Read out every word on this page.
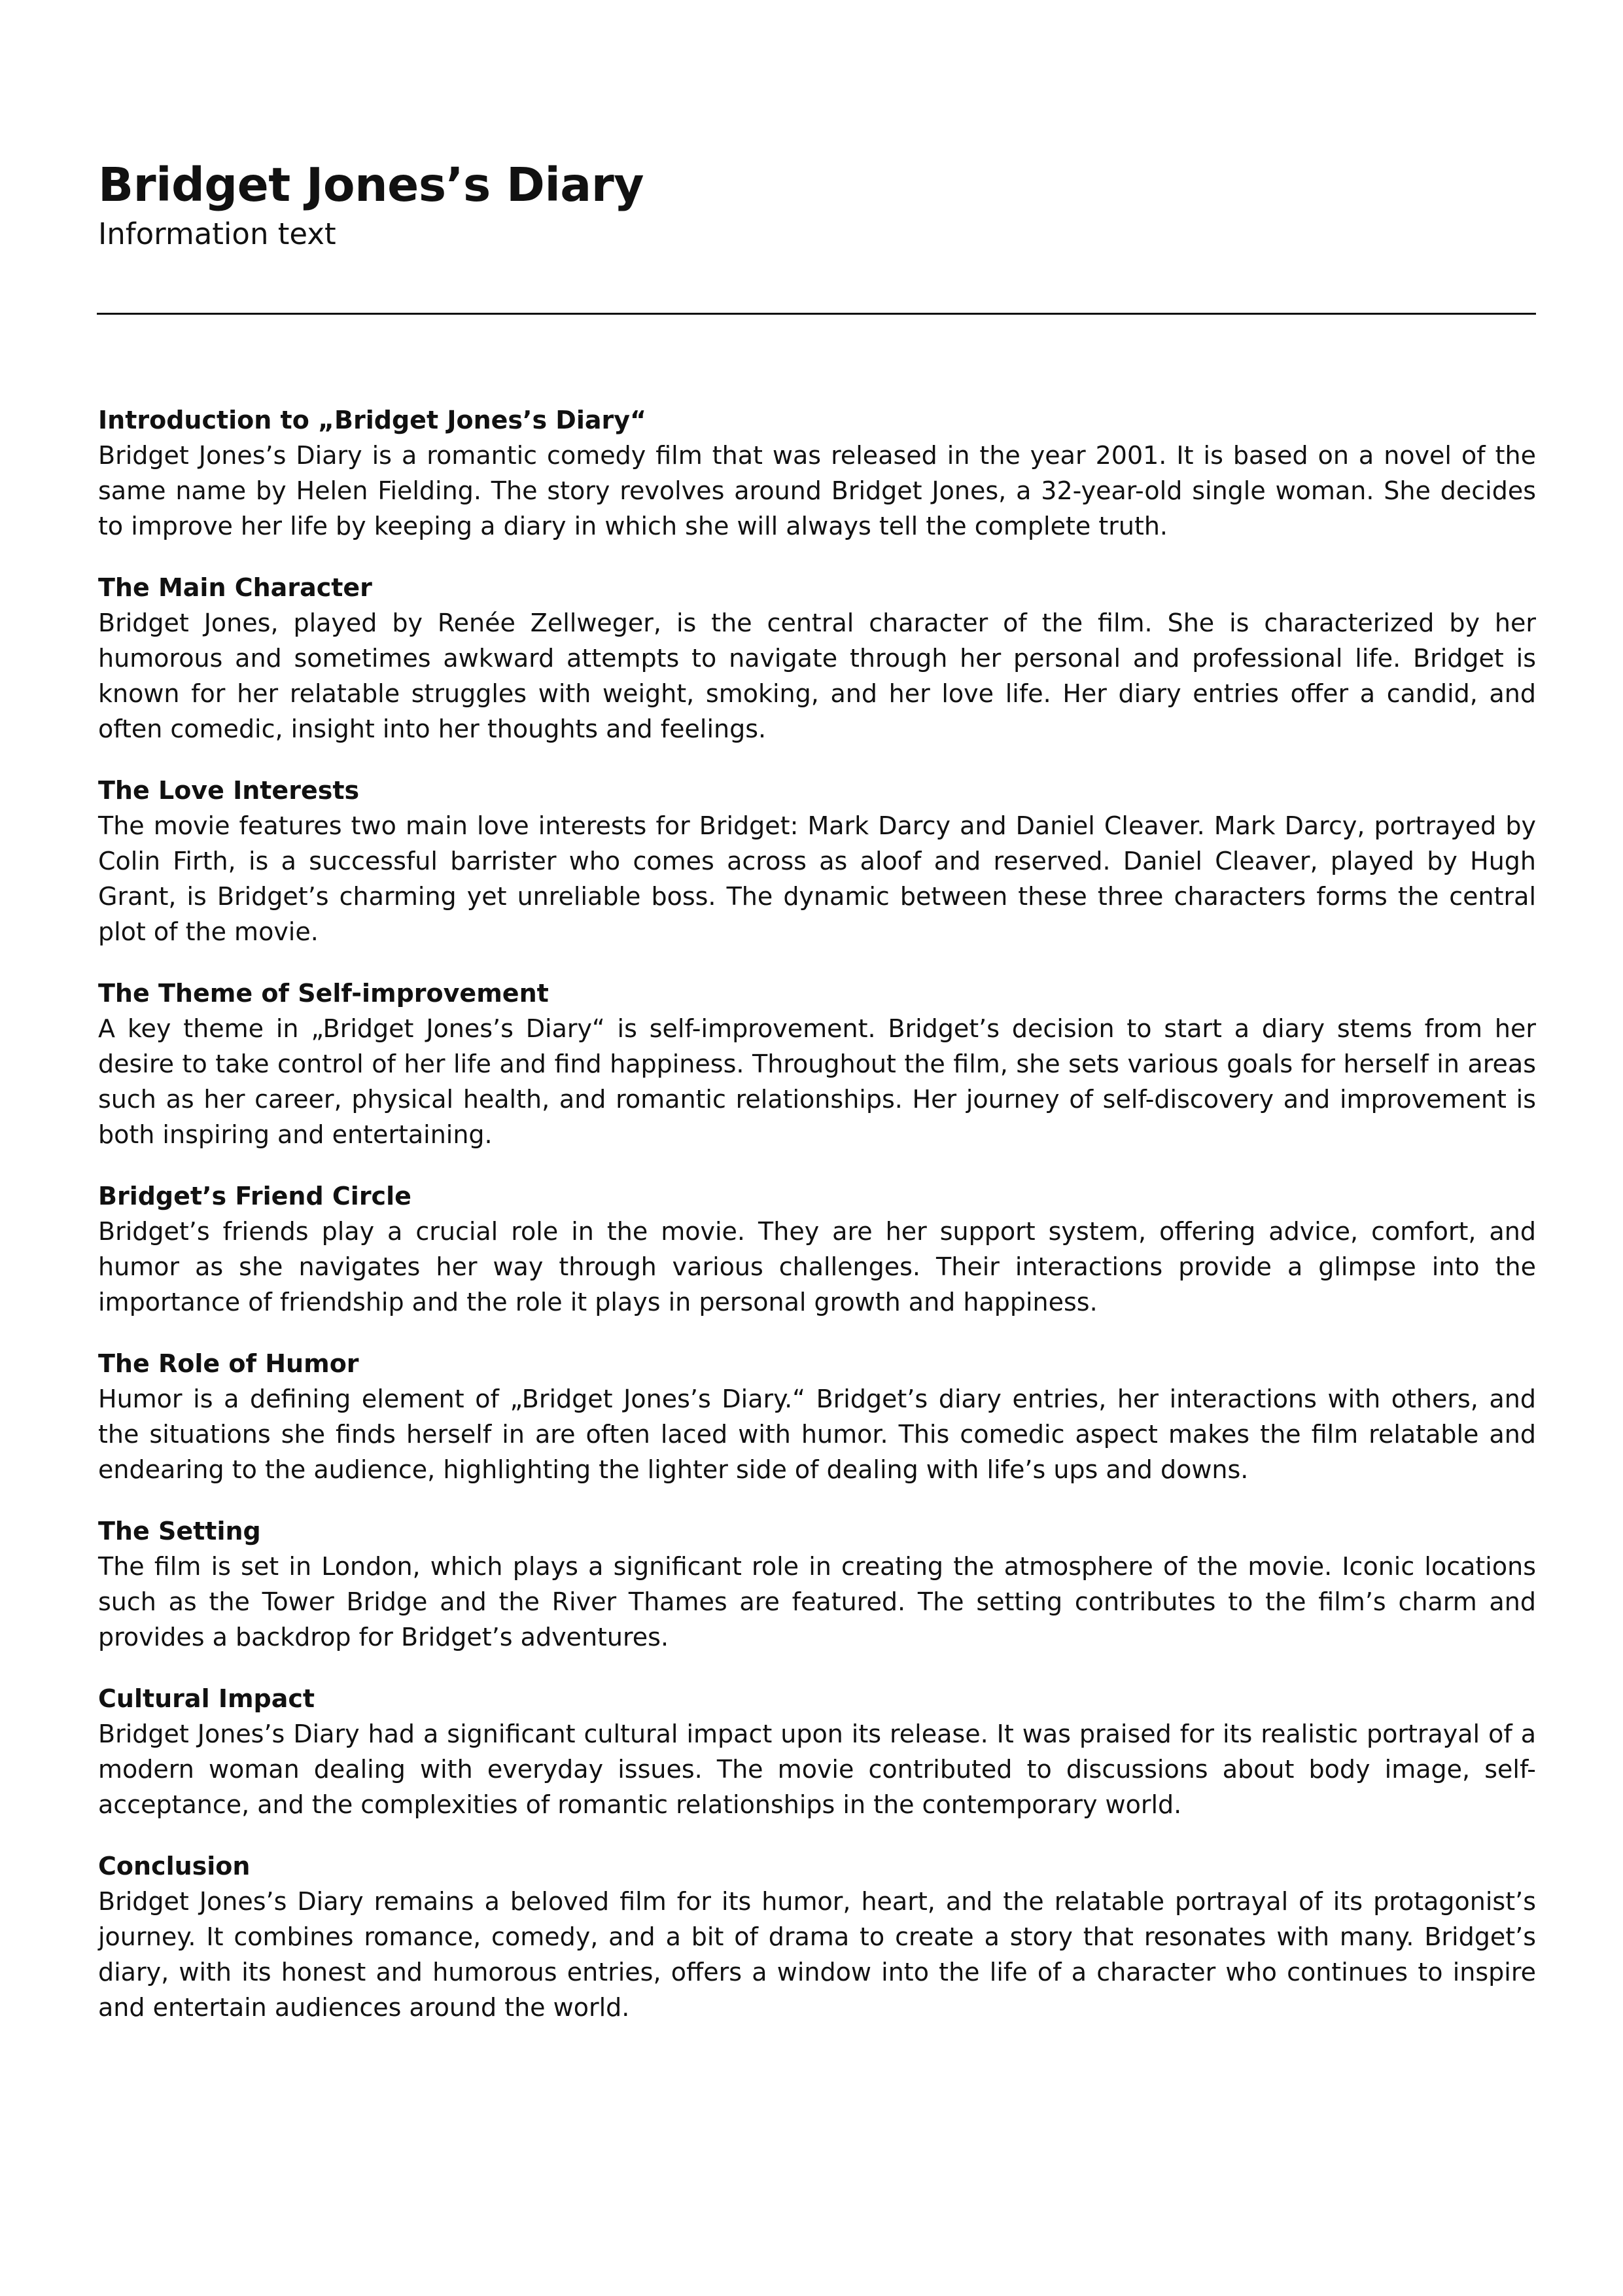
Bridget Jones’s Diary

Information text

Introduction to „Bridget Jones’s Diary“

Bridget Jones’s Diary is a romantic comedy film that was released in the year 2001. It is based on a novel of the same name by Helen Fielding. The story revolves around Bridget Jones, a 32-year-old single woman. She decides to improve her life by keeping a diary in which she will always tell the complete truth.

The Main Character

Bridget Jones, played by Renée Zellweger, is the central character of the film. She is characterized by her humorous and sometimes awkward attempts to navigate through her personal and professional life. Bridget is known for her relatable struggles with weight, smoking, and her love life. Her diary entries offer a candid, and often comedic, insight into her thoughts and feelings.

The Love Interests

The movie features two main love interests for Bridget: Mark Darcy and Daniel Cleaver. Mark Darcy, portrayed by Colin Firth, is a successful barrister who comes across as aloof and reserved. Daniel Cleaver, played by Hugh Grant, is Bridget’s charming yet unreliable boss. The dynamic between these three characters forms the central plot of the movie.

The Theme of Self-improvement

A key theme in „Bridget Jones’s Diary“ is self-improvement. Bridget’s decision to start a diary stems from her desire to take control of her life and find happiness. Throughout the film, she sets various goals for herself in areas such as her career, physical health, and romantic relationships. Her journey of self-discovery and improvement is both inspiring and entertaining.

Bridget’s Friend Circle

Bridget’s friends play a crucial role in the movie. They are her support system, offering advice, comfort, and humor as she navigates her way through various challenges. Their interactions provide a glimpse into the importance of friendship and the role it plays in personal growth and happiness.

The Role of Humor

Humor is a defining element of „Bridget Jones’s Diary.“ Bridget’s diary entries, her interactions with others, and the situations she finds herself in are often laced with humor. This comedic aspect makes the film relatable and endearing to the audience, highlighting the lighter side of dealing with life’s ups and downs.

The Setting

The film is set in London, which plays a significant role in creating the atmosphere of the movie. Iconic locations such as the Tower Bridge and the River Thames are featured. The setting contributes to the film’s charm and provides a backdrop for Bridget’s adventures.

Cultural Impact

Bridget Jones’s Diary had a significant cultural impact upon its release. It was praised for its realistic portrayal of a modern woman dealing with everyday issues. The movie contributed to discussions about body image, self-acceptance, and the complexities of romantic relationships in the contemporary world.

Conclusion

Bridget Jones’s Diary remains a beloved film for its humor, heart, and the relatable portrayal of its protagonist’s journey. It combines romance, comedy, and a bit of drama to create a story that resonates with many. Bridget’s diary, with its honest and humorous entries, offers a window into the life of a character who continues to inspire and entertain audiences around the world.
